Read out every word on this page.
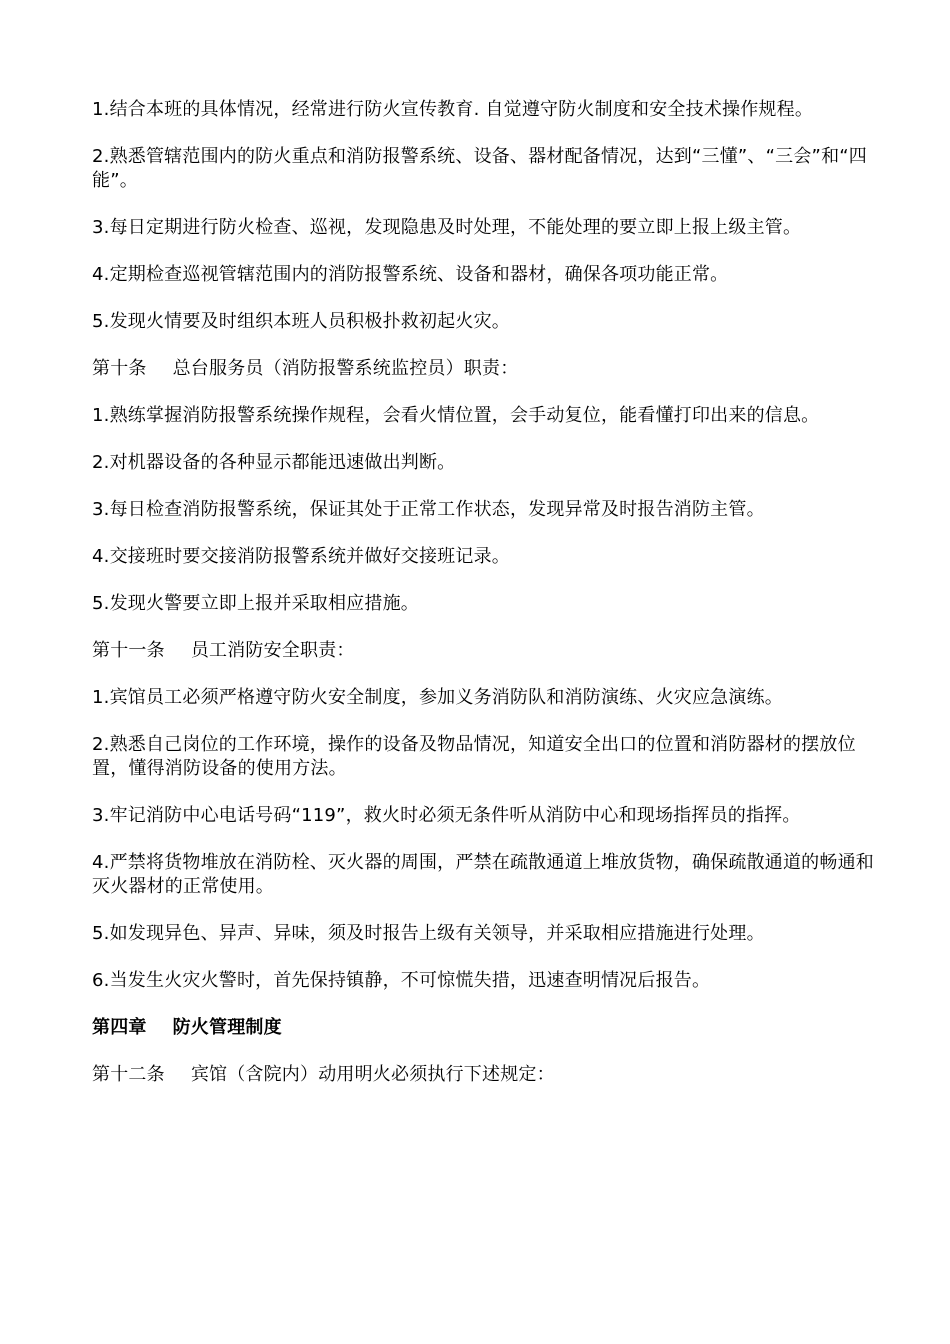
1.结合本班的具体情况，经常进行防火宣传教育. 自觉遵守防火制度和安全技术操作规程。

2.熟悉管辖范围内的防火重点和消防报警系统、设备、器材配备情况，达到“三懂”、“三会”和“四能”。

3.每日定期进行防火检查、巡视，发现隐患及时处理，不能处理的要立即上报上级主管。

4.定期检查巡视管辖范围内的消防报警系统、设备和器材，确保各项功能正常。

5.发现火情要及时组织本班人员积极扑救初起火灾。

第十条 总台服务员（消防报警系统监控员）职责：

1.熟练掌握消防报警系统操作规程，会看火情位置，会手动复位，能看懂打印出来的信息。

2.对机器设备的各种显示都能迅速做出判断。

3.每日检查消防报警系统，保证其处于正常工作状态，发现异常及时报告消防主管。

4.交接班时要交接消防报警系统并做好交接班记录。

5.发现火警要立即上报并采取相应措施。

第十一条 员工消防安全职责：

1.宾馆员工必须严格遵守防火安全制度，参加义务消防队和消防演练、火灾应急演练。

2.熟悉自己岗位的工作环境，操作的设备及物品情况，知道安全出口的位置和消防器材的摆放位置，懂得消防设备的使用方法。

3.牢记消防中心电话号码“119”，救火时必须无条件听从消防中心和现场指挥员的指挥。

4.严禁将货物堆放在消防栓、灭火器的周围，严禁在疏散通道上堆放货物，确保疏散通道的畅通和灭火器材的正常使用。

5.如发现异色、异声、异味，须及时报告上级有关领导，并采取相应措施进行处理。

6.当发生火灾火警时，首先保持镇静，不可惊慌失措，迅速查明情况后报告。

第四章 防火管理制度

第十二条 宾馆（含院内）动用明火必须执行下述规定：
